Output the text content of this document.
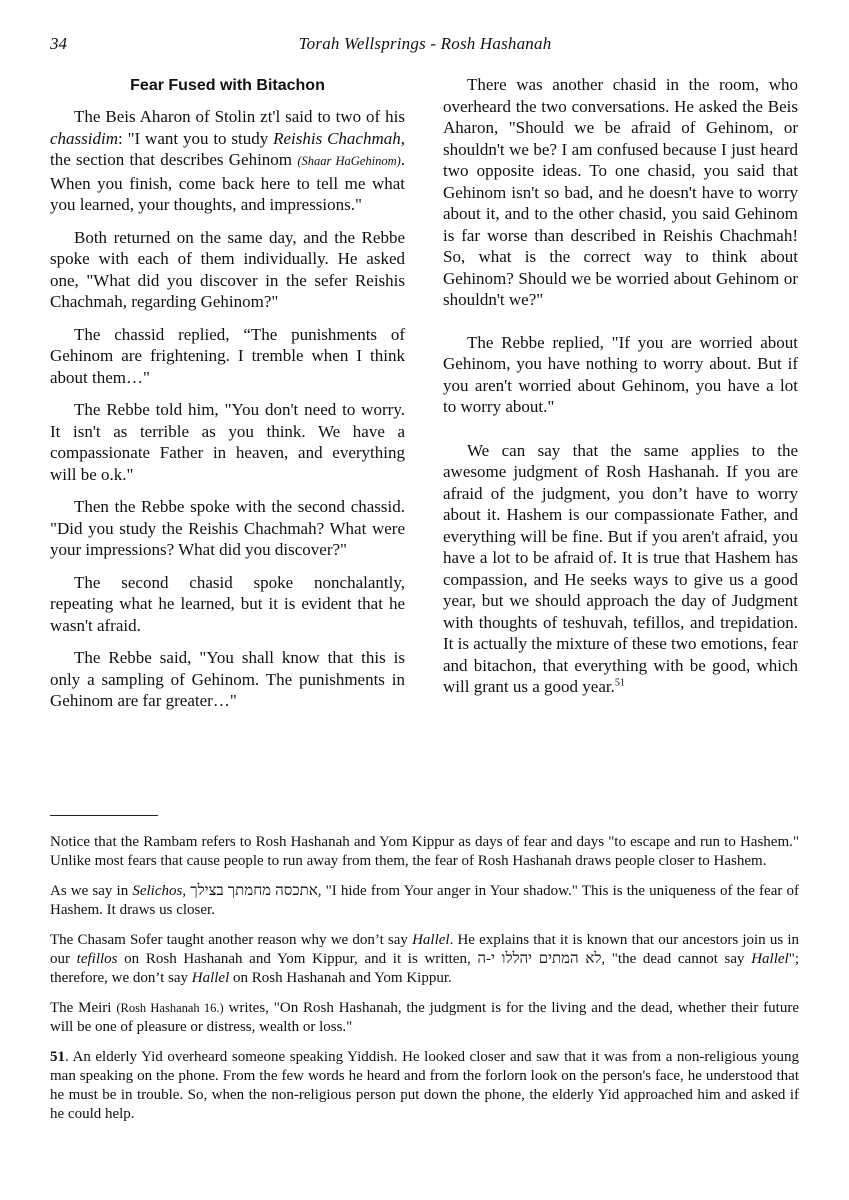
34	Torah Wellsprings - Rosh Hashanah
Fear Fused with Bitachon

The Beis Aharon of Stolin zt'l said to two of his chassidim: "I want you to study Reishis Chachmah, the section that describes Gehinom (Shaar HaGehinom). When you finish, come back here to tell me what you learned, your thoughts, and impressions."

Both returned on the same day, and the Rebbe spoke with each of them individually. He asked one, "What did you discover in the sefer Reishis Chachmah, regarding Gehinom?"

The chassid replied, “The punishments of Gehinom are frightening. I tremble when I think about them…"

The Rebbe told him, "You don't need to worry. It isn't as terrible as you think. We have a compassionate Father in heaven, and everything will be o.k."

Then the Rebbe spoke with the second chassid. "Did you study the Reishis Chachmah? What were your impressions? What did you discover?"

The second chasid spoke nonchalantly, repeating what he learned, but it is evident that he wasn't afraid.

The Rebbe said, "You shall know that this is only a sampling of Gehinom. The punishments in Gehinom are far greater…"

There was another chasid in the room, who overheard the two conversations. He asked the Beis Aharon, "Should we be afraid of Gehinom, or shouldn't we be? I am confused because I just heard two opposite ideas. To one chasid, you said that Gehinom isn't so bad, and he doesn't have to worry about it, and to the other chasid, you said Gehinom is far worse than described in Reishis Chachmah! So, what is the correct way to think about Gehinom? Should we be worried about Gehinom or shouldn't we?"

The Rebbe replied, "If you are worried about Gehinom, you have nothing to worry about. But if you aren't worried about Gehinom, you have a lot to worry about."

We can say that the same applies to the awesome judgment of Rosh Hashanah. If you are afraid of the judgment, you don’t have to worry about it. Hashem is our compassionate Father, and everything will be fine. But if you aren't afraid, you have a lot to be afraid of. It is true that Hashem has compassion, and He seeks ways to give us a good year, but we should approach the day of Judgment with thoughts of teshuvah, tefillos, and trepidation. It is actually the mixture of these two emotions, fear and bitachon, that everything with be good, which will grant us a good year.$^{51}$

Notice that the Rambam refers to Rosh Hashanah and Yom Kippur as days of fear and days "to escape and run to Hashem." Unlike most fears that cause people to run away from them, the fear of Rosh Hashanah draws people closer to Hashem.

As we say in Selichos, אתכסה מחמתך בצילך, "I hide from Your anger in Your shadow." This is the uniqueness of the fear of Hashem. It draws us closer.

The Chasam Sofer taught another reason why we don’t say Hallel. He explains that it is known that our ancestors join us in our tefillos on Rosh Hashanah and Yom Kippur, and it is written, לא המתים יהללו י-ה, "the dead cannot say Hallel"; therefore, we don’t say Hallel on Rosh Hashanah and Yom Kippur.

The Meiri (Rosh Hashanah 16.) writes, "On Rosh Hashanah, the judgment is for the living and the dead, whether their future will be one of pleasure or distress, wealth or loss."

51. An elderly Yid overheard someone speaking Yiddish. He looked closer and saw that it was from a non-religious young man speaking on the phone. From the few words he heard and from the forlorn look on the person's face, he understood that he must be in trouble. So, when the non-religious person put down the phone, the elderly Yid approached him and asked if he could help.
